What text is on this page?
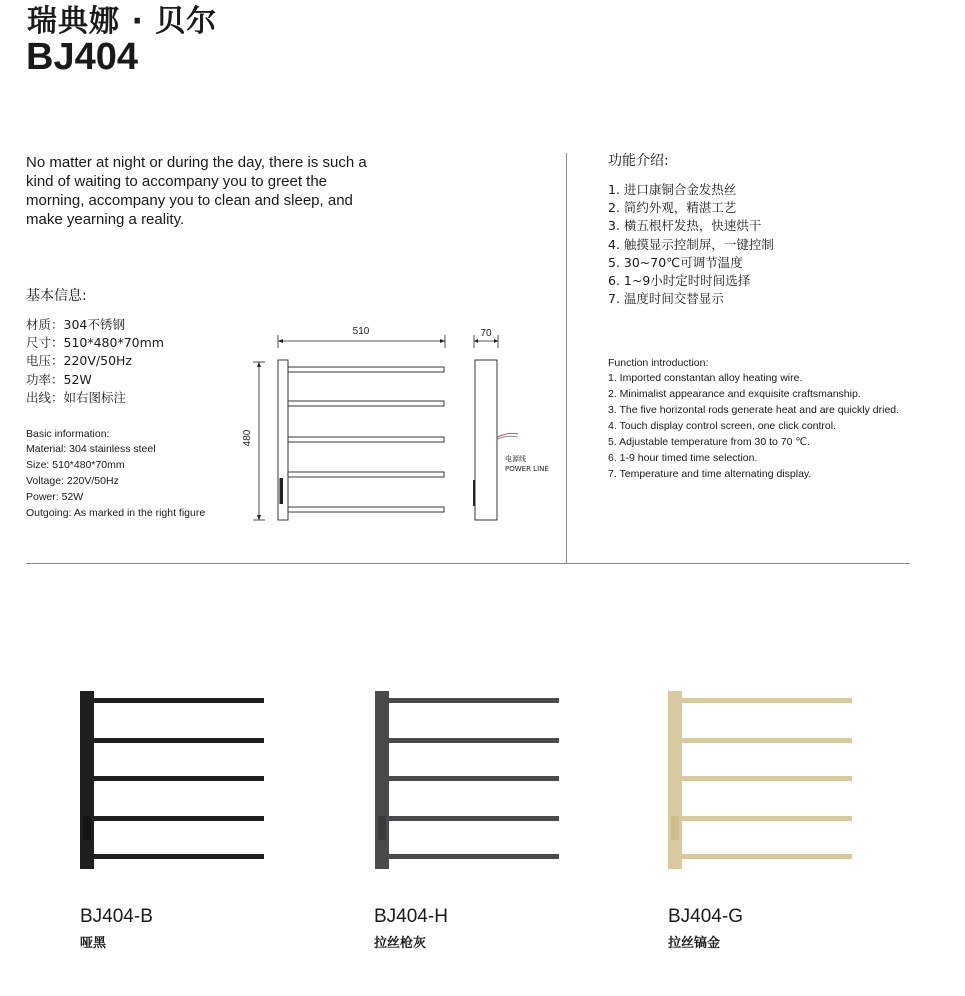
瑞典娜 · 贝尔
BJ404
No matter at night or during the day, there is such a kind of waiting to accompany you to greet the morning, accompany you to clean and sleep, and make yearning a reality.
基本信息:
材质：304不锈钢
尺寸：510*480*70mm
电压：220V/50Hz
功率：52W
出线：如右图标注
Basic information:
Material: 304 stainless steel
Size: 510*480*70mm
Voltage: 220V/50Hz
Power: 52W
Outgoing: As marked in the right figure
510
480
70
电源线
POWER LINE
功能介绍:
1. 进口康铜合金发热丝
2. 简约外观，精湛工艺
3. 横五根杆发热，快速烘干
4. 触摸显示控制屏，一键控制
5. 30~70℃可调节温度
6. 1~9小时定时时间选择
7. 温度时间交替显示
Function introduction:
1. Imported constantan alloy heating wire.
2. Minimalist appearance and exquisite craftsmanship.
3. The five horizontal rods generate heat and are quickly dried.
4. Touch display control screen, one click control.
5. Adjustable temperature from 30 to 70 ℃.
6. 1-9 hour timed time selection.
7. Temperature and time alternating display.
BJ404-B
哑黑
BJ404-H
拉丝枪灰
BJ404-G
拉丝镐金
